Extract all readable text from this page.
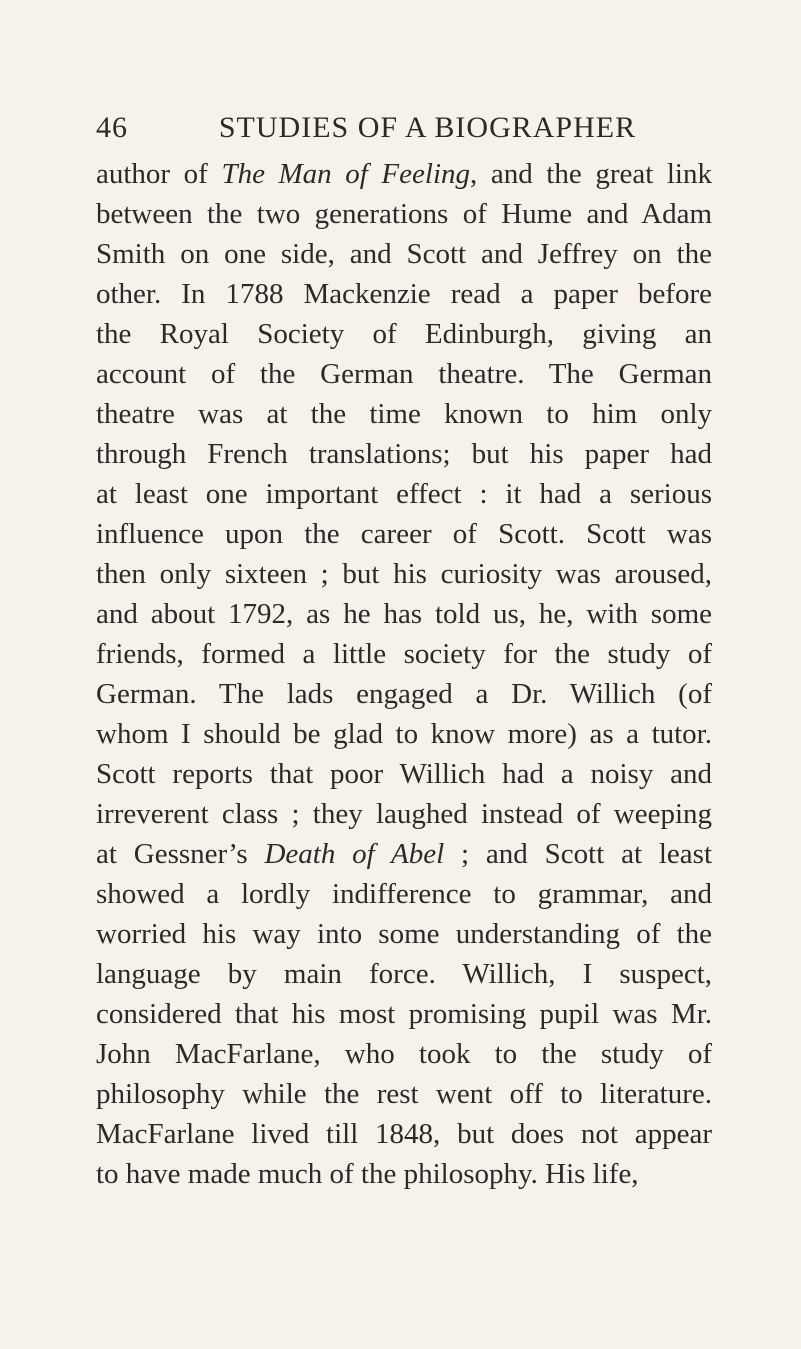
46	STUDIES OF A BIOGRAPHER
author of The Man of Feeling, and the great link
between the two generations of Hume and Adam
Smith on one side, and Scott and Jeffrey on the
other. In 1788 Mackenzie read a paper before
the Royal Society of Edinburgh, giving an
account of the German theatre. The German
theatre was at the time known to him only
through French translations; but his paper had
at least one important effect : it had a serious
influence upon the career of Scott. Scott was
then only sixteen ; but his curiosity was aroused,
and about 1792, as he has told us, he, with some
friends, formed a little society for the study of
German. The lads engaged a Dr. Willich (of
whom I should be glad to know more) as a tutor.
Scott reports that poor Willich had a noisy and
irreverent class ; they laughed instead of weeping
at Gessner’s Death of Abel ; and Scott at least
showed a lordly indifference to grammar, and
worried his way into some understanding of the
language by main force. Willich, I suspect,
considered that his most promising pupil was Mr.
John MacFarlane, who took to the study of
philosophy while the rest went off to literature.
MacFarlane lived till 1848, but does not appear
to have made much of the philosophy. His life,
